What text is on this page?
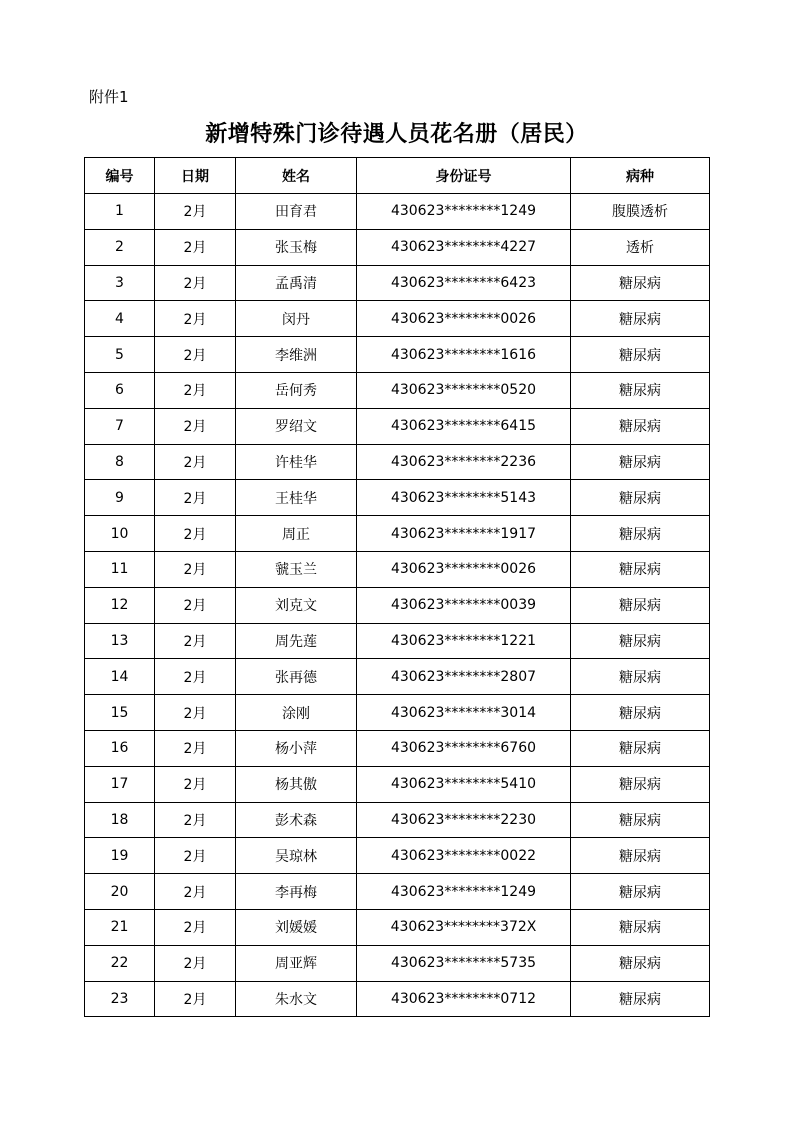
附件1
新增特殊门诊待遇人员花名册（居民）
编号	日期	姓名	身份证号	病种
1	2月	田育君	430623********1249	腹膜透析
2	2月	张玉梅	430623********4227	透析
3	2月	孟禹清	430623********6423	糖尿病
4	2月	闵丹	430623********0026	糖尿病
5	2月	李维洲	430623********1616	糖尿病
6	2月	岳何秀	430623********0520	糖尿病
7	2月	罗绍文	430623********6415	糖尿病
8	2月	许桂华	430623********2236	糖尿病
9	2月	王桂华	430623********5143	糖尿病
10	2月	周正	430623********1917	糖尿病
11	2月	虢玉兰	430623********0026	糖尿病
12	2月	刘克文	430623********0039	糖尿病
13	2月	周先莲	430623********1221	糖尿病
14	2月	张再德	430623********2807	糖尿病
15	2月	涂刚	430623********3014	糖尿病
16	2月	杨小萍	430623********6760	糖尿病
17	2月	杨其傲	430623********5410	糖尿病
18	2月	彭术森	430623********2230	糖尿病
19	2月	吴琼林	430623********0022	糖尿病
20	2月	李再梅	430623********1249	糖尿病
21	2月	刘媛媛	430623********372X	糖尿病
22	2月	周亚辉	430623********5735	糖尿病
23	2月	朱水文	430623********0712	糖尿病
